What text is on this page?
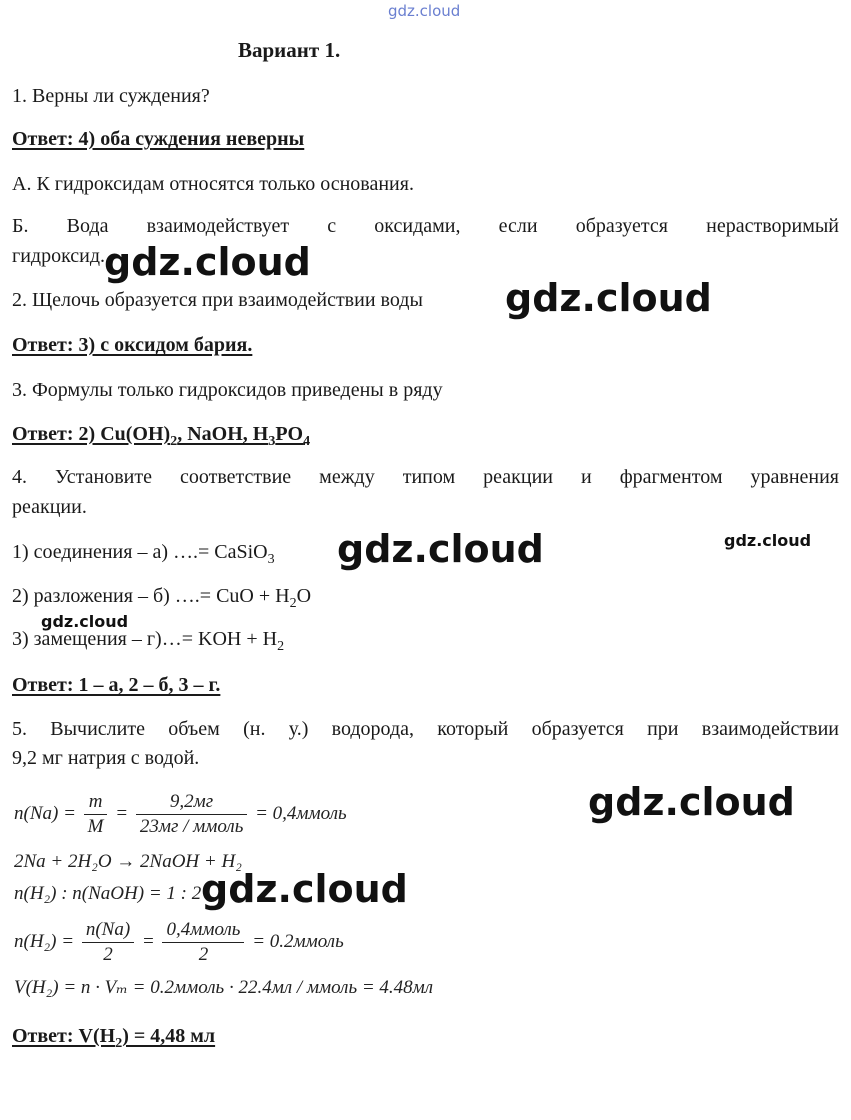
gdz.cloud
Вариант 1.
1. Верны ли суждения?
Ответ: 4) оба суждения неверны
А. К гидроксидам относятся только основания.
Б. Вода взаимодействует с оксидами, если образуется нерастворимый
гидроксид.
2. Щелочь образуется при взаимодействии воды
Ответ: 3) с оксидом бария.
3. Формулы только гидроксидов приведены в ряду
Ответ: 2) $Cu(OH)_2$, NaOH, $H_3PO_4$
4. Установите соответствие между типом реакции и фрагментом уравнения
реакции.
1) соединения – а) ….= CaSiO$_3$
2) разложения – б) ….= CuO + $H_2O$
3) замещения – г)…= KOH + $H_2$
Ответ: 1 – а, 2 – б, 3 – г.
5. Вычислите объем (н. у.) водорода, который образуется при взаимодействии
9,2 мг натрия с водой.
$n(Na) = \frac{m}{M} = \frac{9,2мг}{\text{23мг / ммоль}}$ = 0,4ммоль
2Na + 2H₂O → 2NaOH + H₂
n(H₂) : n(NaOH) = 1 : 2
$n(H_2) = \frac{n(Na)}{2} = \frac{\text{0,4ммоль}}{2}$ = 0.2ммоль
V(H₂) = n · Vₘ = 0.2ммоль · 22.4мл / ммоль = 4.48мл
Ответ: $V(H_2) = 4,48$ мл
gdz.cloud
gdz.cloud
gdz.cloud	gdz.cloud
gdz.cloud
gdz.cloud
gdz.cloud
